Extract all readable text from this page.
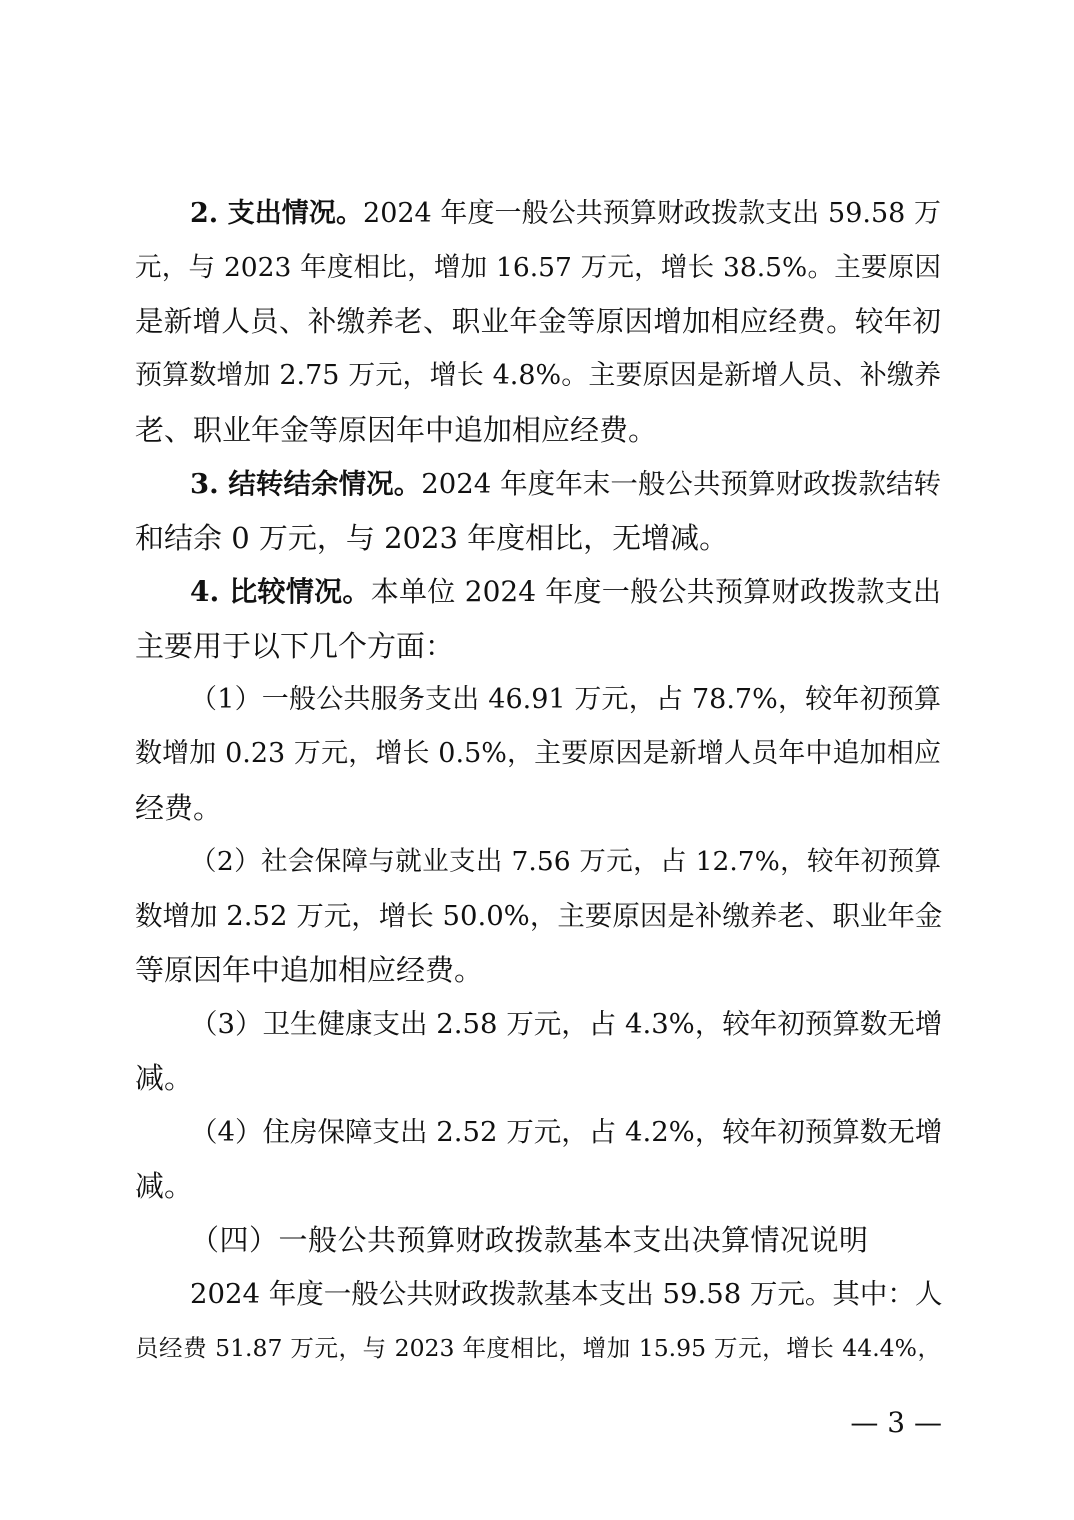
2. 支出情况。2024 年度一般公共预算财政拨款支出 59.58 万
元，与 2023 年度相比，增加 16.57 万元，增长 38.5%。主要原因
是新增人员、补缴养老、职业年金等原因增加相应经费。较年初
预算数增加 2.75 万元，增长 4.8%。主要原因是新增人员、补缴养
老、职业年金等原因年中追加相应经费。
3. 结转结余情况。2024 年度年末一般公共预算财政拨款结转
和结余 0 万元，与 2023 年度相比，无增减。
4. 比较情况。本单位 2024 年度一般公共预算财政拨款支出
主要用于以下几个方面：
（1）一般公共服务支出 46.91 万元，占 78.7%，较年初预算
数增加 0.23 万元，增长 0.5%，主要原因是新增人员年中追加相应
经费。
（2）社会保障与就业支出 7.56 万元，占 12.7%，较年初预算
数增加 2.52 万元，增长 50.0%，主要原因是补缴养老、职业年金
等原因年中追加相应经费。
（3）卫生健康支出 2.58 万元，占 4.3%，较年初预算数无增
减。
（4）住房保障支出 2.52 万元，占 4.2%，较年初预算数无增
减。
（四）一般公共预算财政拨款基本支出决算情况说明
2024 年度一般公共财政拨款基本支出 59.58 万元。其中：人
员经费 51.87 万元，与 2023 年度相比，增加 15.95 万元，增长 44.4%，
— 3 —
